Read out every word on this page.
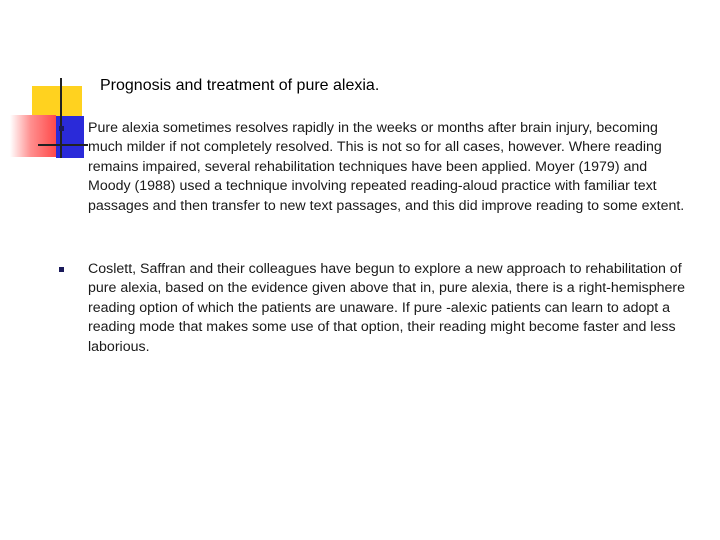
Prognosis and treatment of pure alexia.
Pure alexia sometimes resolves rapidly in the weeks or months after brain injury, becoming much milder if not completely resolved. This is not so for all cases, however. Where reading remains impaired, several rehabilitation techniques have been applied. Moyer (1979) and Moody (1988) used a technique involving repeated reading-aloud practice with familiar text passages and then transfer to new text passages, and this did improve reading to some extent.
Coslett, Saffran and their colleagues have begun to explore a new approach to rehabilitation of pure alexia, based on the evidence given above that in, pure alexia, there is a right-hemisphere reading option of which the patients are unaware. If pure -alexic patients can learn to adopt a reading mode that makes some use of that option, their reading might become faster and less laborious.
